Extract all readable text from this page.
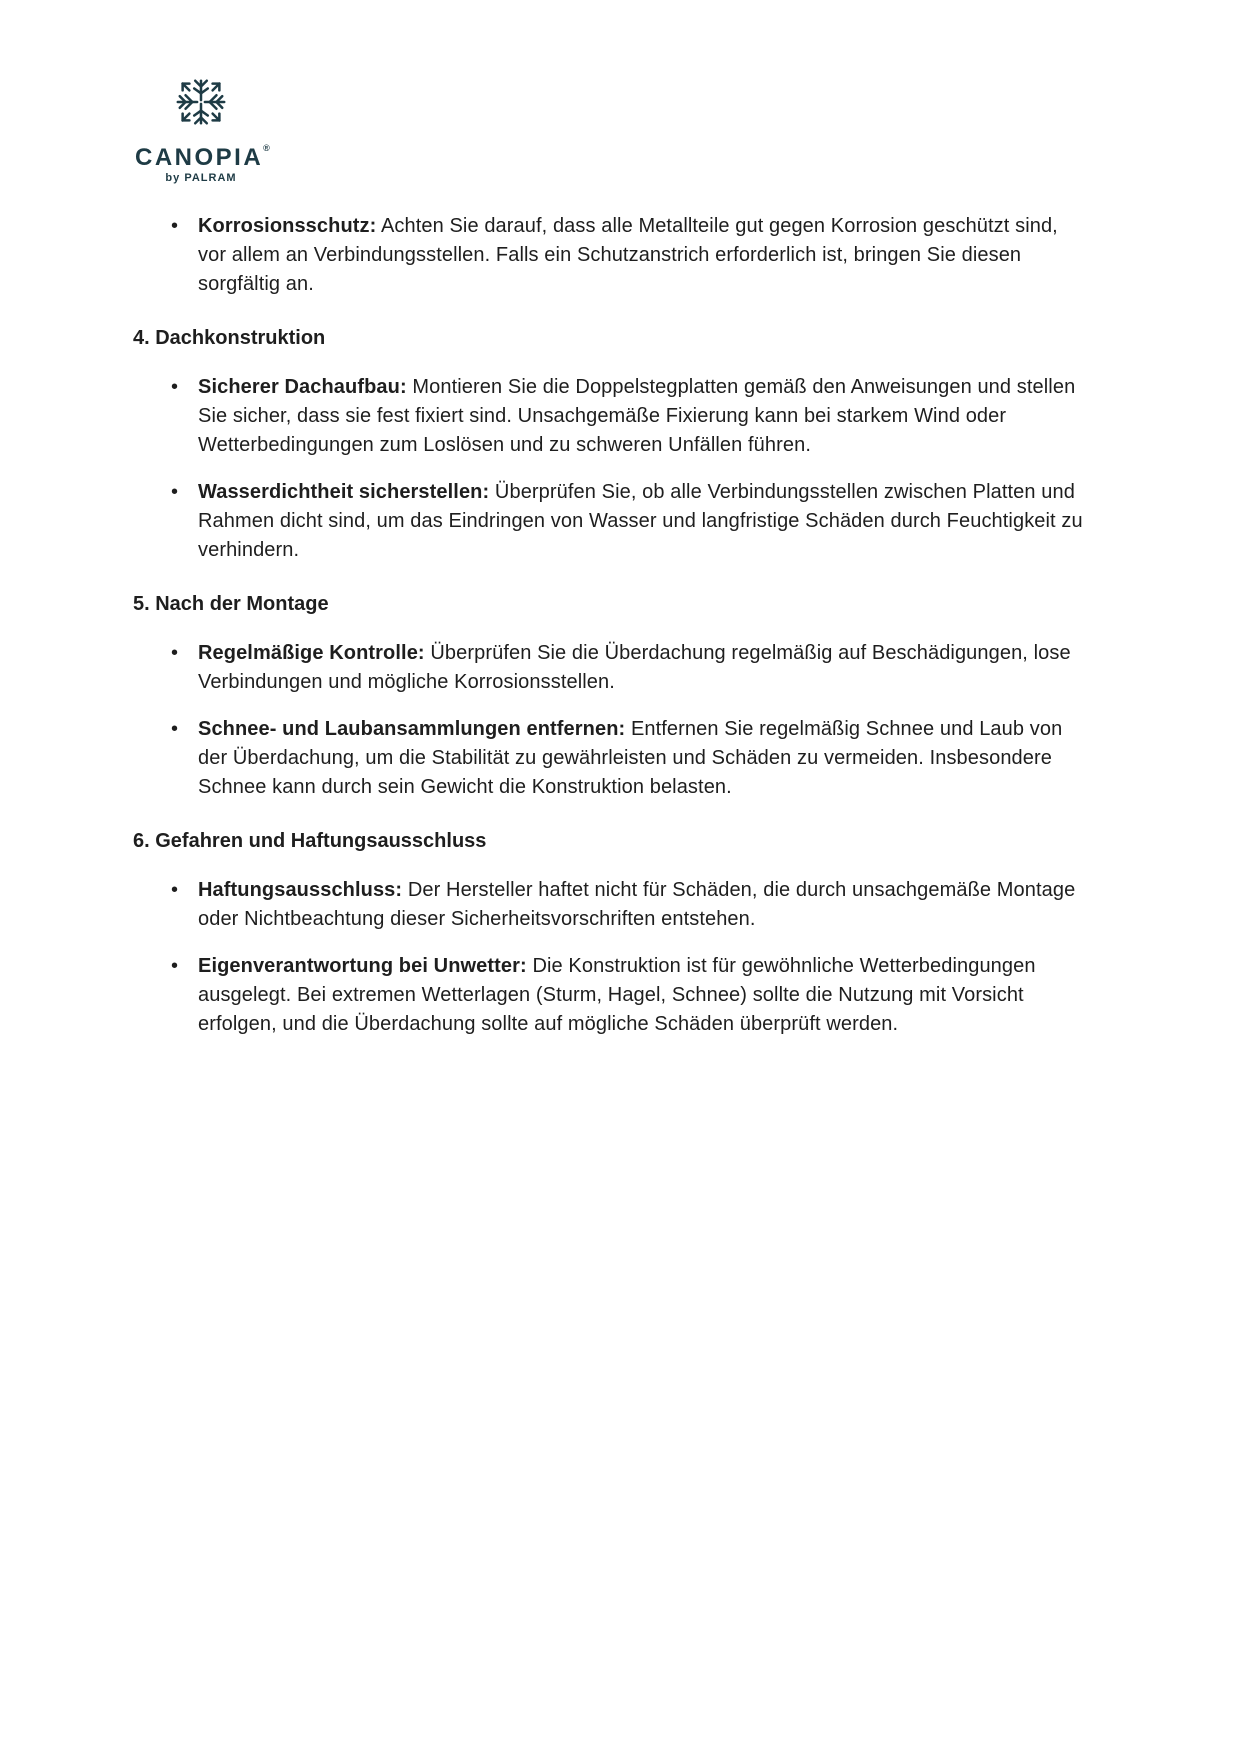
CANOPIA®
by PALRAM

• Korrosionsschutz: Achten Sie darauf, dass alle Metallteile gut gegen Korrosion geschützt sind, vor allem an Verbindungsstellen. Falls ein Schutzanstrich erforderlich ist, bringen Sie diesen sorgfältig an.

4. Dachkonstruktion

• Sicherer Dachaufbau: Montieren Sie die Doppelstegplatten gemäß den Anweisungen und stellen Sie sicher, dass sie fest fixiert sind. Unsachgemäße Fixierung kann bei starkem Wind oder Wetterbedingungen zum Loslösen und zu schweren Unfällen führen.

• Wasserdichtheit sicherstellen: Überprüfen Sie, ob alle Verbindungsstellen zwischen Platten und Rahmen dicht sind, um das Eindringen von Wasser und langfristige Schäden durch Feuchtigkeit zu verhindern.

5. Nach der Montage

• Regelmäßige Kontrolle: Überprüfen Sie die Überdachung regelmäßig auf Beschädigungen, lose Verbindungen und mögliche Korrosionsstellen.

• Schnee- und Laubansammlungen entfernen: Entfernen Sie regelmäßig Schnee und Laub von der Überdachung, um die Stabilität zu gewährleisten und Schäden zu vermeiden. Insbesondere Schnee kann durch sein Gewicht die Konstruktion belasten.

6. Gefahren und Haftungsausschluss

• Haftungsausschluss: Der Hersteller haftet nicht für Schäden, die durch unsachgemäße Montage oder Nichtbeachtung dieser Sicherheitsvorschriften entstehen.

• Eigenverantwortung bei Unwetter: Die Konstruktion ist für gewöhnliche Wetterbedingungen ausgelegt. Bei extremen Wetterlagen (Sturm, Hagel, Schnee) sollte die Nutzung mit Vorsicht erfolgen, und die Überdachung sollte auf mögliche Schäden überprüft werden.
